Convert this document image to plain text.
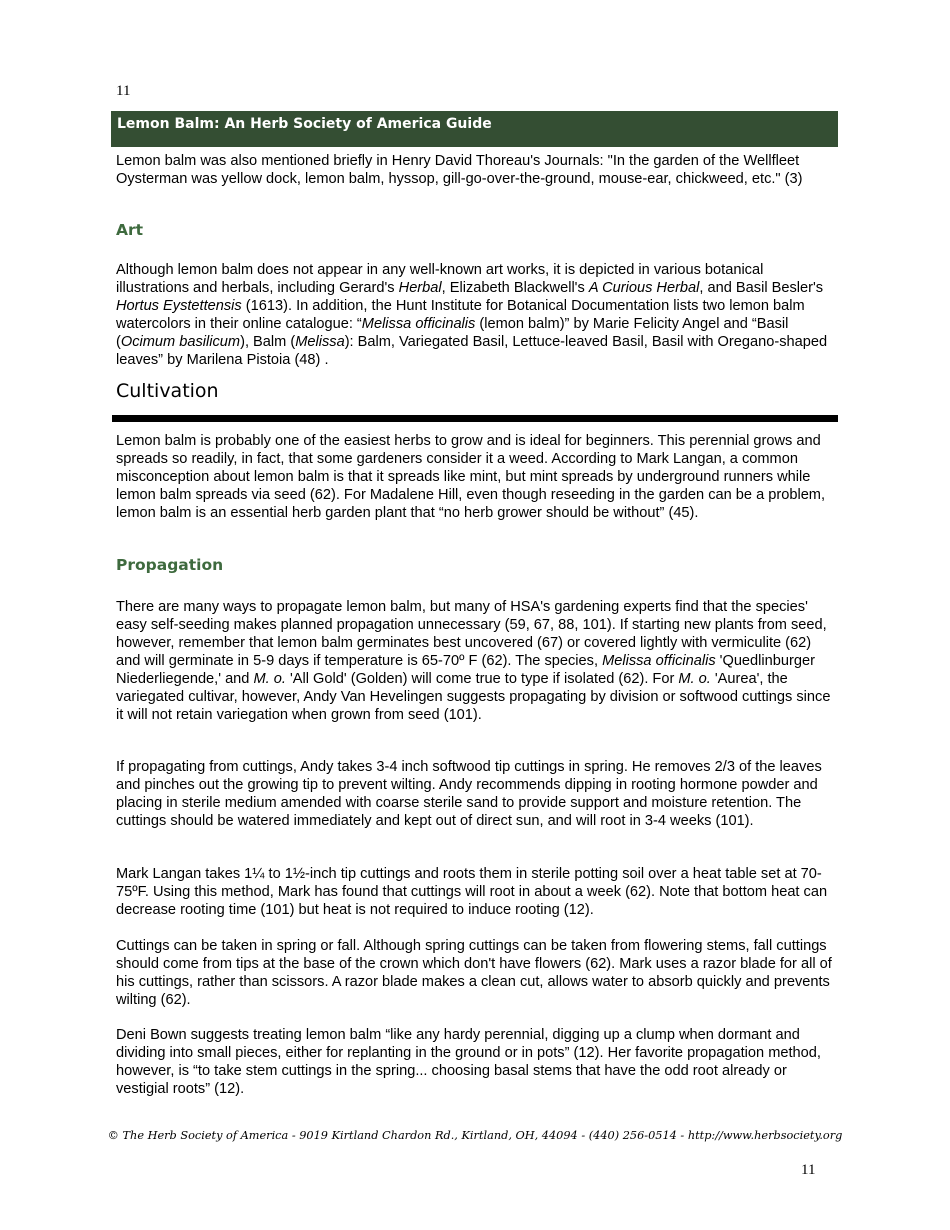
11
Lemon Balm: An Herb Society of America Guide

Lemon balm was also mentioned briefly in Henry David Thoreau's Journals: "In the garden of the Wellfleet Oysterman was yellow dock, lemon balm, hyssop, gill-go-over-the-ground, mouse-ear, chickweed, etc." (3)

Art

Although lemon balm does not appear in any well-known art works, it is depicted in various botanical illustrations and herbals, including Gerard's Herbal, Elizabeth Blackwell's A Curious Herbal, and Basil Besler's Hortus Eystettensis (1613). In addition, the Hunt Institute for Botanical Documentation lists two lemon balm watercolors in their online catalogue: “Melissa officinalis (lemon balm)” by Marie Felicity Angel and “Basil (Ocimum basilicum), Balm (Melissa): Balm, Variegated Basil, Lettuce-leaved Basil, Basil with Oregano-shaped leaves” by Marilena Pistoia (48) .

Cultivation

Lemon balm is probably one of the easiest herbs to grow and is ideal for beginners. This perennial grows and spreads so readily, in fact, that some gardeners consider it a weed. According to Mark Langan, a common misconception about lemon balm is that it spreads like mint, but mint spreads by underground runners while lemon balm spreads via seed (62). For Madalene Hill, even though reseeding in the garden can be a problem, lemon balm is an essential herb garden plant that “no herb grower should be without” (45).

Propagation

There are many ways to propagate lemon balm, but many of HSA's gardening experts find that the species' easy self-seeding makes planned propagation unnecessary (59, 67, 88, 101). If starting new plants from seed, however, remember that lemon balm germinates best uncovered (67) or covered lightly with vermiculite (62) and will germinate in 5-9 days if temperature is 65-70º F (62). The species, Melissa officinalis 'Quedlinburger Niederliegende,' and M. o. 'All Gold' (Golden) will come true to type if isolated (62). For M. o. 'Aurea', the variegated cultivar, however, Andy Van Hevelingen suggests propagating by division or softwood cuttings since it will not retain variegation when grown from seed (101).

If propagating from cuttings, Andy takes 3-4 inch softwood tip cuttings in spring. He removes 2/3 of the leaves and pinches out the growing tip to prevent wilting. Andy recommends dipping in rooting hormone powder and placing in sterile medium amended with coarse sterile sand to provide support and moisture retention. The cuttings should be watered immediately and kept out of direct sun, and will root in 3-4 weeks (101).

Mark Langan takes 1¼ to 1½-inch tip cuttings and roots them in sterile potting soil over a heat table set at 70-75ºF. Using this method, Mark has found that cuttings will root in about a week (62). Note that bottom heat can decrease rooting time (101) but heat is not required to induce rooting (12).

Cuttings can be taken in spring or fall. Although spring cuttings can be taken from flowering stems, fall cuttings should come from tips at the base of the crown which don't have flowers (62). Mark uses a razor blade for all of his cuttings, rather than scissors. A razor blade makes a clean cut, allows water to absorb quickly and prevents wilting (62).

Deni Bown suggests treating lemon balm “like any hardy perennial, digging up a clump when dormant and dividing into small pieces, either for replanting in the ground or in pots” (12). Her favorite propagation method, however, is “to take stem cuttings in the spring... choosing basal stems that have the odd root already or vestigial roots” (12).

© The Herb Society of America - 9019 Kirtland Chardon Rd., Kirtland, OH, 44094 - (440) 256-0514 - http://www.herbsociety.org
11
